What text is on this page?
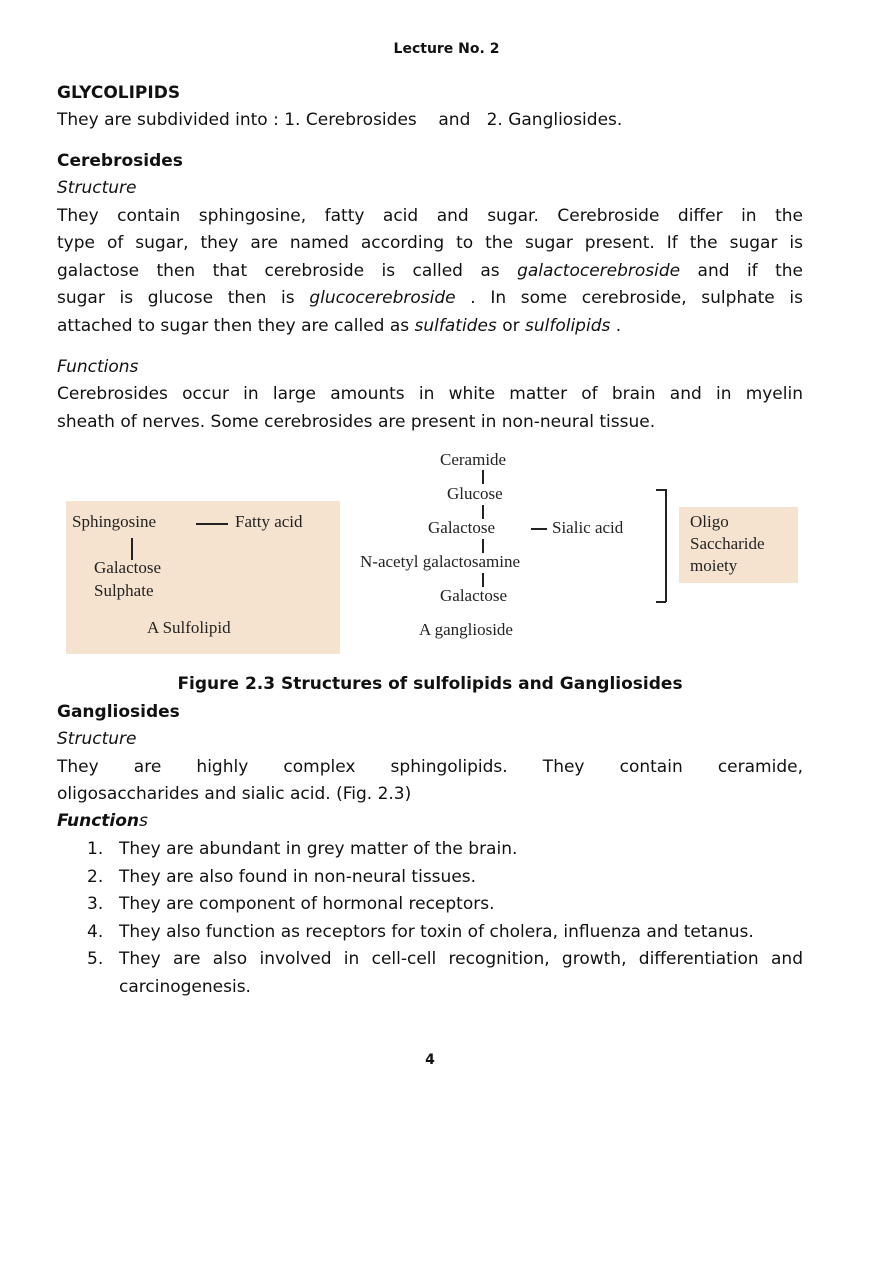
Lecture No. 2
GLYCOLIPIDS
They are subdivided into : 1. Cerebrosides    and   2. Gangliosides.
Cerebrosides
Structure
They contain sphingosine, fatty acid and sugar. Cerebroside differ in the
type of sugar, they are named according to the sugar present. If the sugar is
galactose then that cerebroside is called as galactocerebroside and if the
sugar is glucose then is glucocerebroside . In some cerebroside, sulphate is
attached to sugar then they are called as sulfatides or sulfolipids .
Functions
Cerebrosides occur in large amounts in white matter of brain and in myelin
sheath of nerves. Some cerebrosides are present in non-neural tissue.
Sphingosine	Fatty acid
Galactose
Sulphate
A Sulfolipid
Ceramide
Glucose
Galactose	Sialic acid
N-acetyl galactosamine
Galactose
A ganglioside
Oligo
Saccharide
moiety
Figure 2.3 Structures of sulfolipids and Gangliosides
Gangliosides
Structure
They are highly complex sphingolipids. They contain ceramide,
oligosaccharides and sialic acid. (Fig. 2.3)
Functions
1. They are abundant in grey matter of the brain.
2. They are also found in non-neural tissues.
3. They are component of hormonal receptors.
4. They also function as receptors for toxin of cholera, influenza and tetanus.
5. They are also involved in cell-cell recognition, growth, differentiation and carcinogenesis.
4
